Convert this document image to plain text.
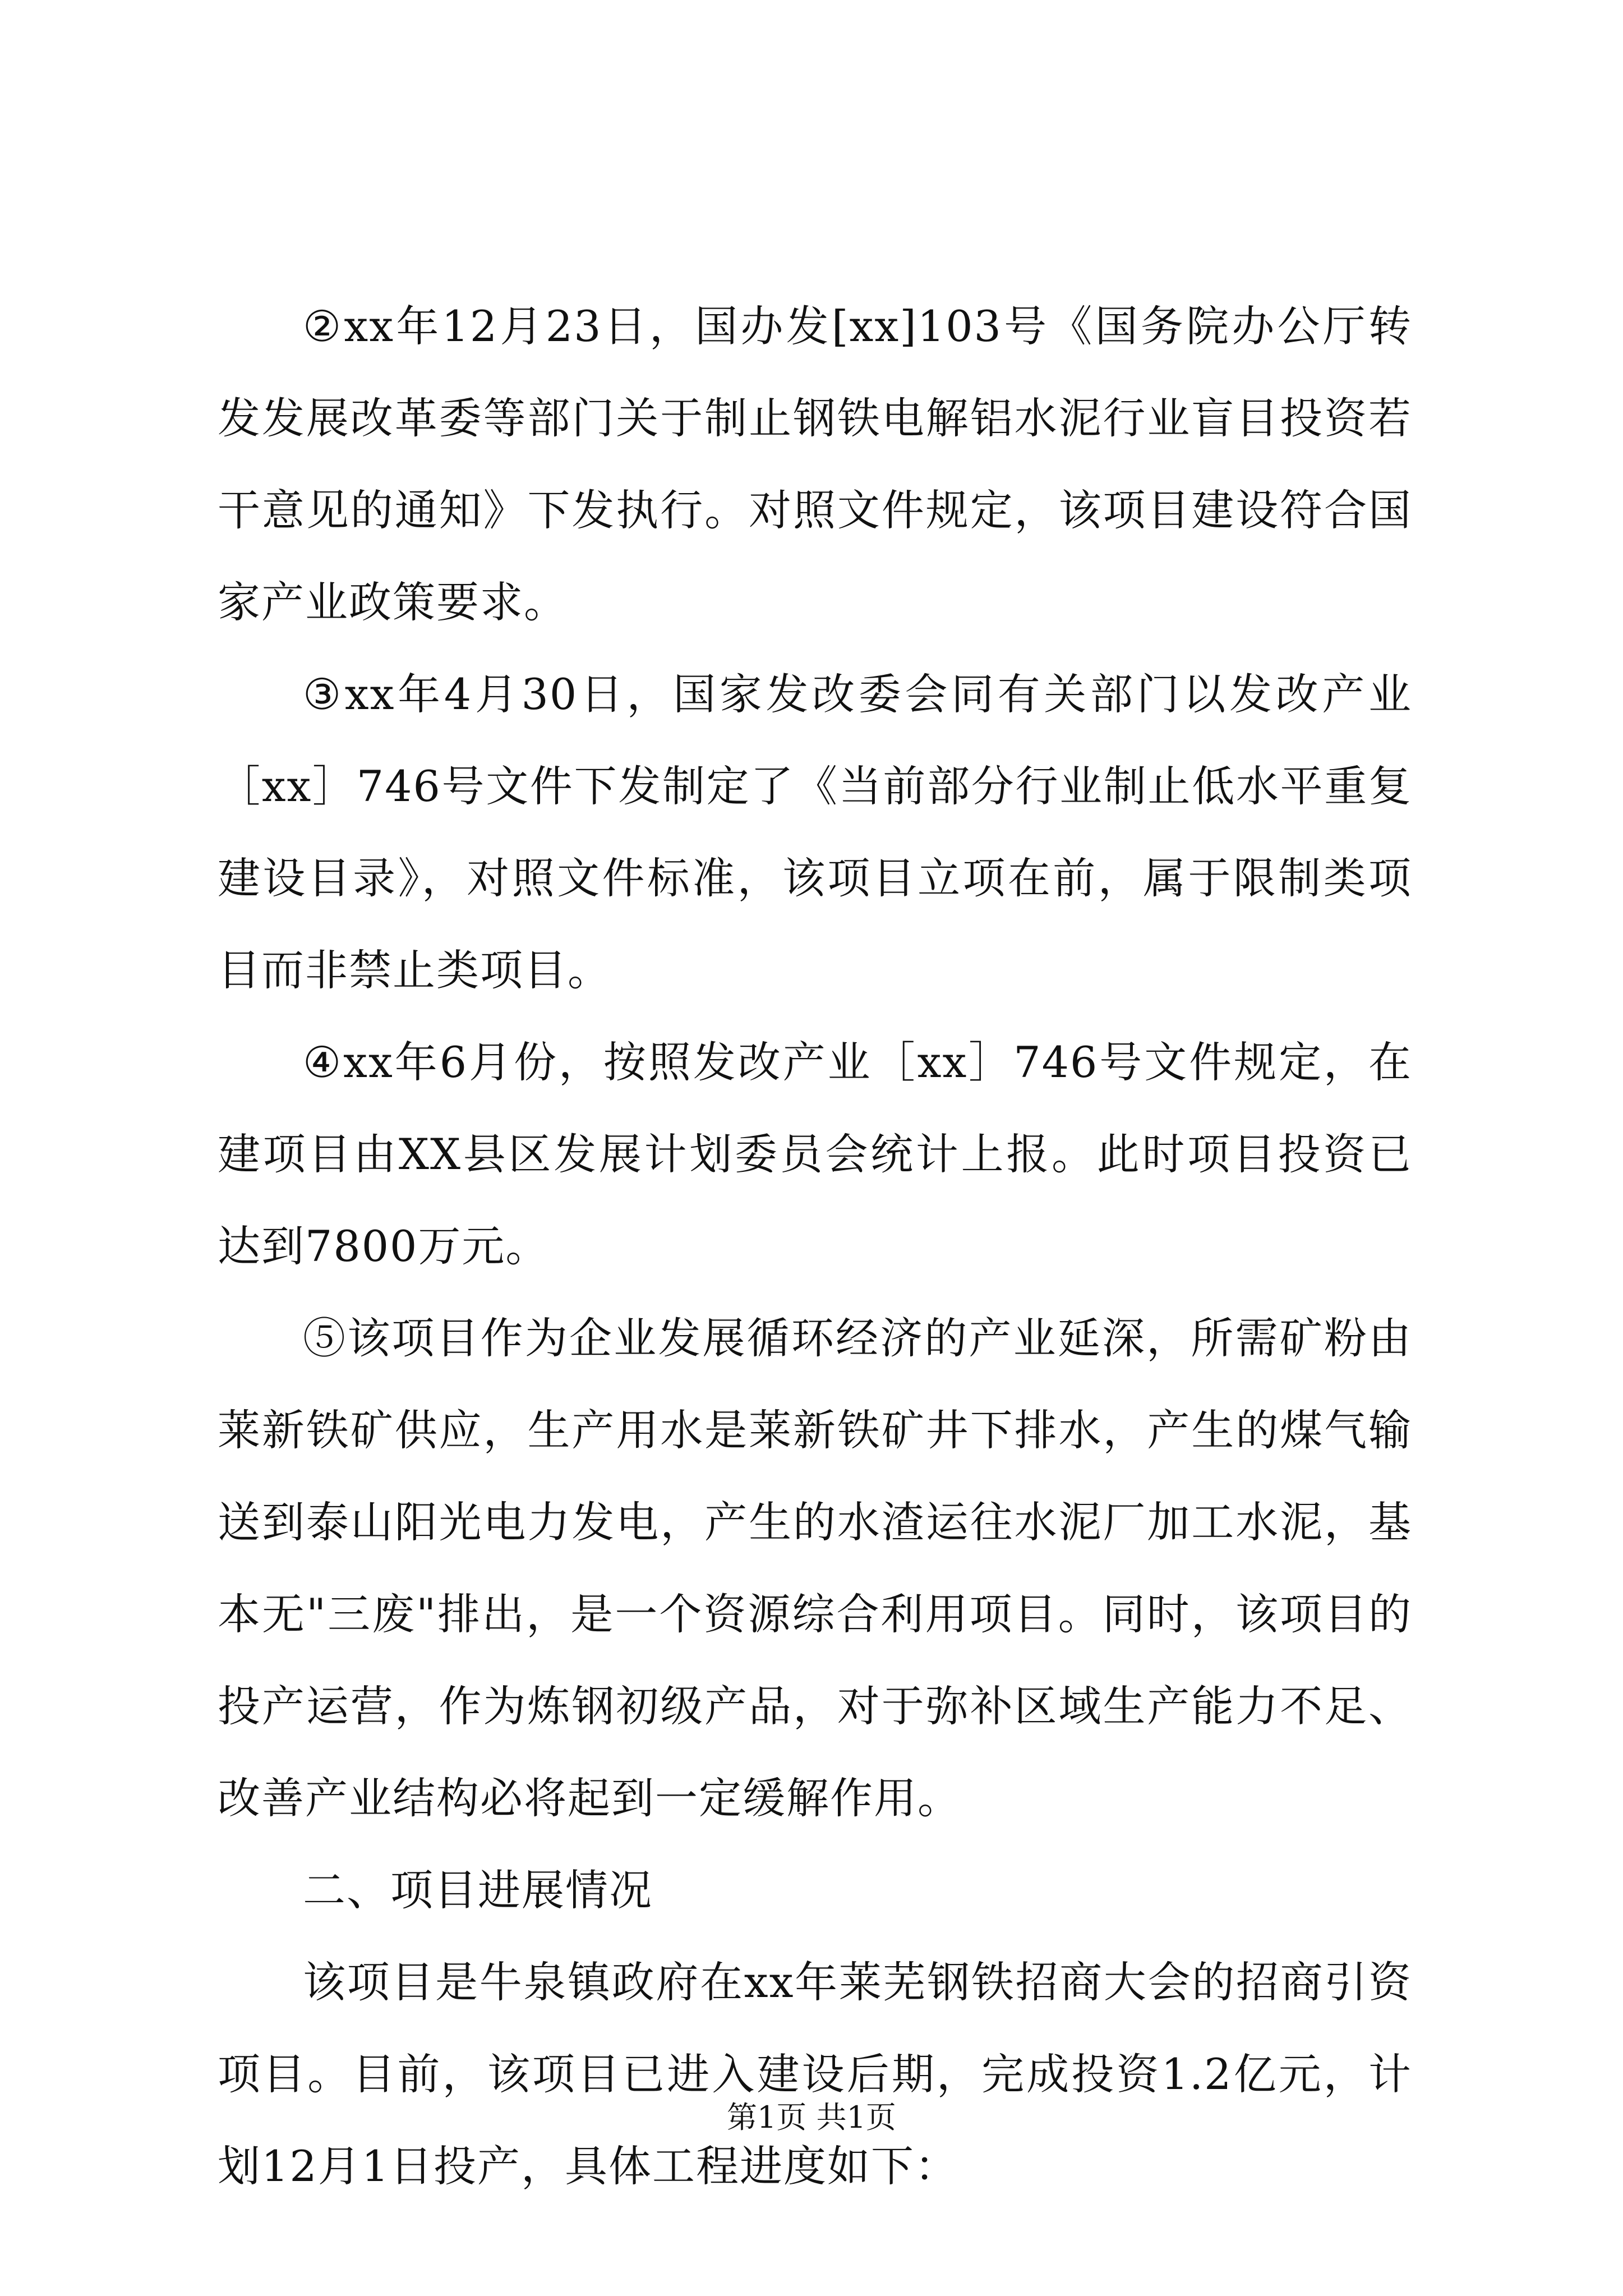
②xx年12月23日，国办发[xx]103号《国务院办公厅转发发展改革委等部门关于制止钢铁电解铝水泥行业盲目投资若干意见的通知》下发执行。对照文件规定，该项目建设符合国家产业政策要求。

③xx年4月30日，国家发改委会同有关部门以发改产业［xx］746号文件下发制定了《当前部分行业制止低水平重复建设目录》，对照文件标准，该项目立项在前，属于限制类项目而非禁止类项目。

④xx年6月份，按照发改产业［xx］746号文件规定，在建项目由XX县区发展计划委员会统计上报。此时项目投资已达到7800万元。

⑤该项目作为企业发展循环经济的产业延深，所需矿粉由莱新铁矿供应，生产用水是莱新铁矿井下排水，产生的煤气输送到泰山阳光电力发电，产生的水渣运往水泥厂加工水泥，基本无"三废"排出，是一个资源综合利用项目。同时，该项目的投产运营，作为炼钢初级产品，对于弥补区域生产能力不足、改善产业结构必将起到一定缓解作用。

二、项目进展情况

该项目是牛泉镇政府在xx年莱芜钢铁招商大会的招商引资项目。目前，该项目已进入建设后期，完成投资1.2亿元，计划12月1日投产，具体工程进度如下：

第1页 共1页
